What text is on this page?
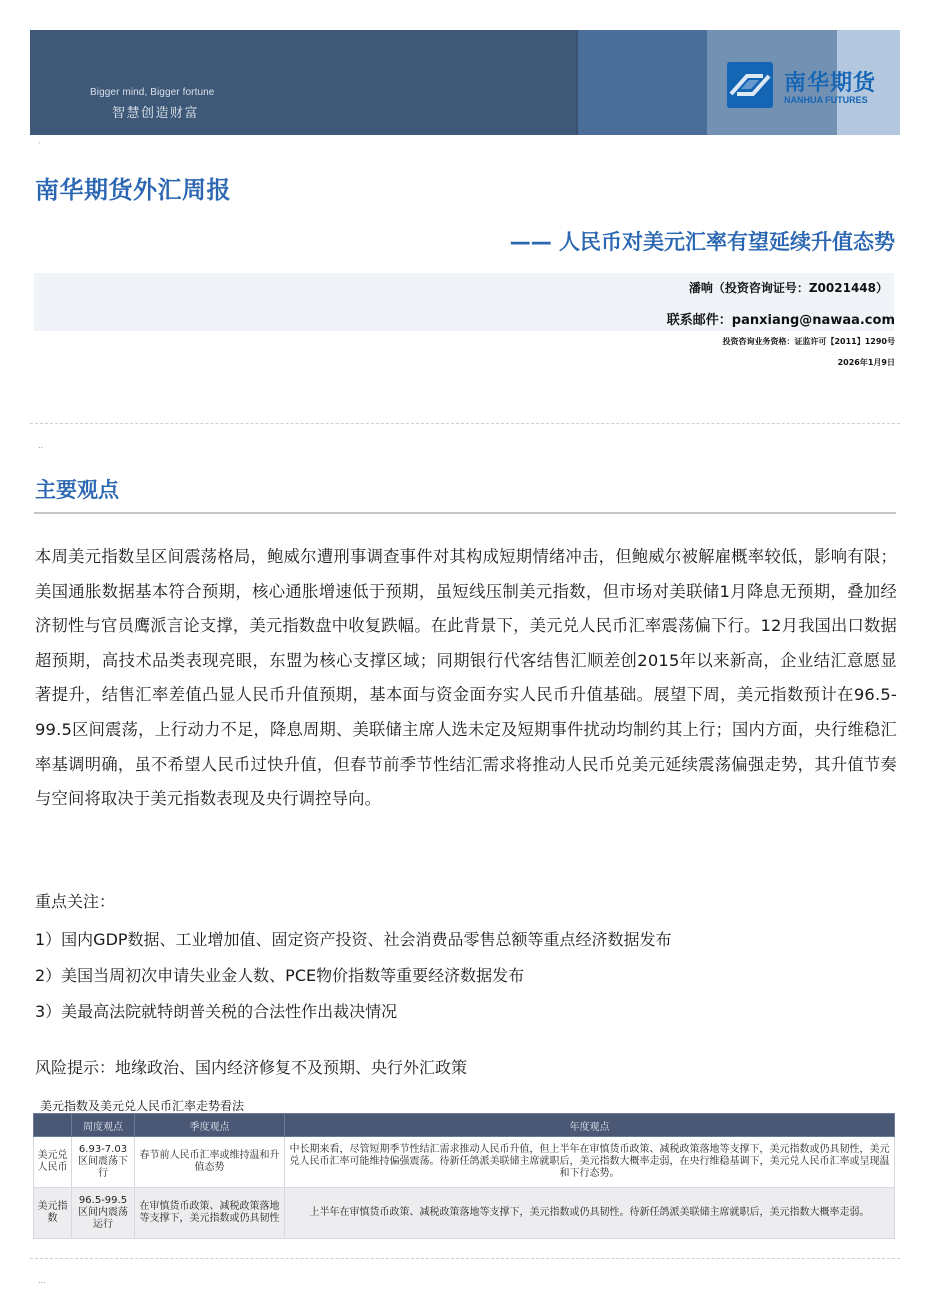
Bigger mind, Bigger fortune
智慧创造财富
南华期货
NANHUA FUTURES
·
南华期货外汇周报
—— 人民币对美元汇率有望延续升值态势
潘响（投资咨询证号：Z0021448）
联系邮件：panxiang@nawaa.com
投资咨询业务资格：证监许可【2011】1290号
2026年1月9日
..
主要观点
本周美元指数呈区间震荡格局，鲍威尔遭刑事调查事件对其构成短期情绪冲击，但鲍威尔被解雇概率较低，影响有限；美国通胀数据基本符合预期，核心通胀增速低于预期，虽短线压制美元指数，但市场对美联储1月降息无预期，叠加经济韧性与官员鹰派言论支撑，美元指数盘中收复跌幅。在此背景下，美元兑人民币汇率震荡偏下行。12月我国出口数据超预期，高技术品类表现亮眼，东盟为核心支撑区域；同期银行代客结售汇顺差创2015年以来新高，企业结汇意愿显著提升，结售汇率差值凸显人民币升值预期，基本面与资金面夯实人民币升值基础。展望下周，美元指数预计在96.5-99.5区间震荡，上行动力不足，降息周期、美联储主席人选未定及短期事件扰动均制约其上行；国内方面，央行维稳汇率基调明确，虽不希望人民币过快升值，但春节前季节性结汇需求将推动人民币兑美元延续震荡偏强走势，其升值节奏与空间将取决于美元指数表现及央行调控导向。
重点关注：
1）国内GDP数据、工业增加值、固定资产投资、社会消费品零售总额等重点经济数据发布
2）美国当周初次申请失业金人数、PCE物价指数等重要经济数据发布
3）美最高法院就特朗普关税的合法性作出裁决情况
风险提示：地缘政治、国内经济修复不及预期、央行外汇政策
美元指数及美元兑人民币汇率走势看法
	周度观点	季度观点	年度观点
美元兑人民币	6.93-7.03区间震荡下行	春节前人民币汇率或维持温和升值态势	中长期来看，尽管短期季节性结汇需求推动人民币升值，但上半年在审慎货币政策、减税政策落地等支撑下，美元指数或仍具韧性，美元兑人民币汇率可能维持偏强震荡。待新任鸽派美联储主席就职后，美元指数大概率走弱，在央行维稳基调下，美元兑人民币汇率或呈现温和下行态势。
美元指数	96.5-99.5区间内震荡运行	在审慎货币政策、减税政策落地等支撑下，美元指数或仍具韧性	上半年在审慎货币政策、减税政策落地等支撑下，美元指数或仍具韧性。待新任鸽派美联储主席就职后，美元指数大概率走弱。
...
